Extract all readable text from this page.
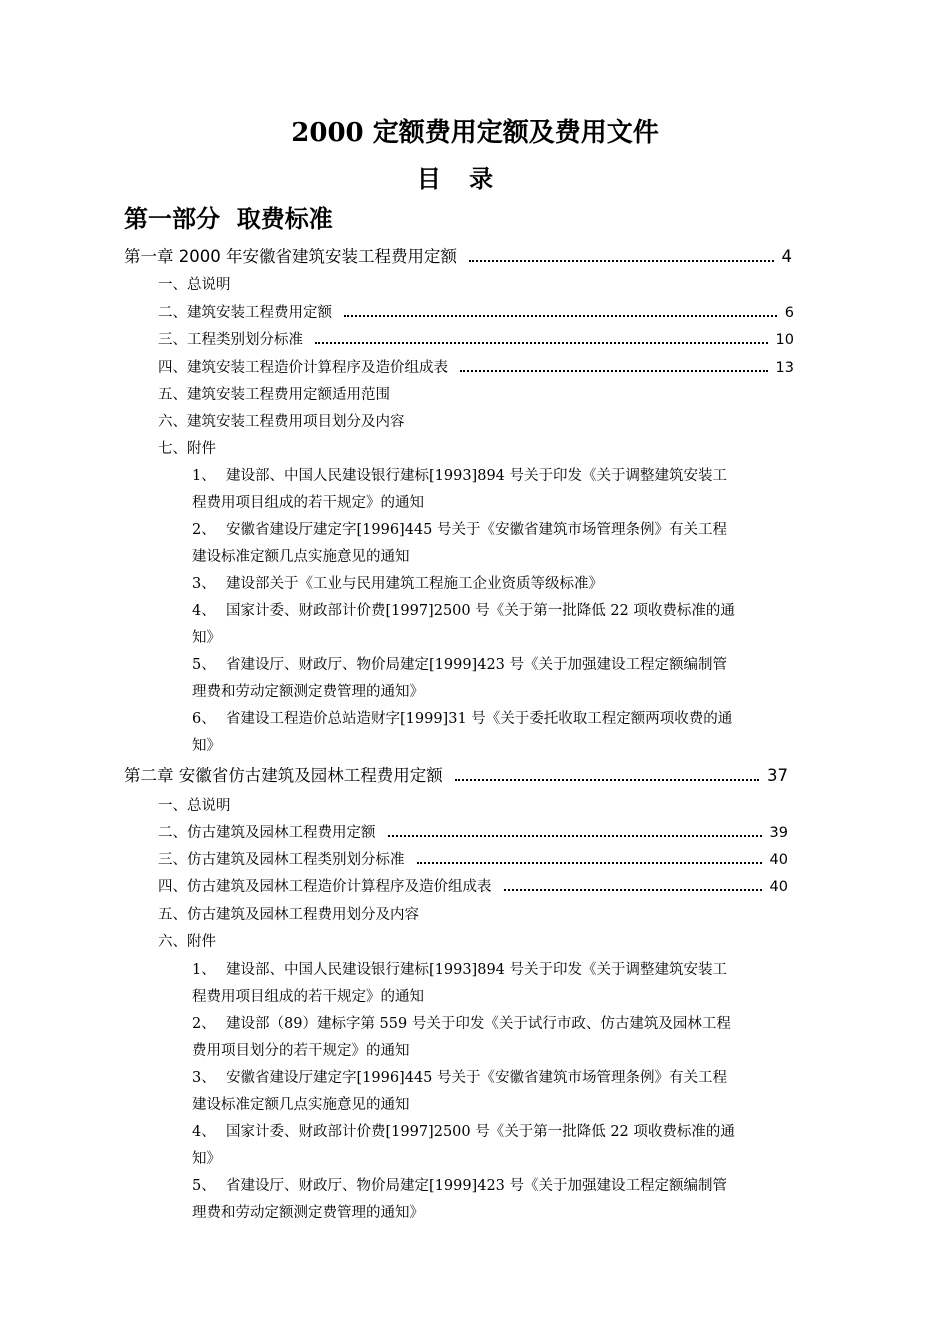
2000 定额费用定额及费用文件
目 录
第一部分  取费标准
第一章 2000 年安徽省建筑安装工程费用定额	4
一、总说明
二、建筑安装工程费用定额	6
三、工程类别划分标准	10
四、建筑安装工程造价计算程序及造价组成表	13
五、建筑安装工程费用定额适用范围
六、建筑安装工程费用项目划分及内容
七、附件
1、 建设部、中国人民建设银行建标[1993]894 号关于印发《关于调整建筑安装工
程费用项目组成的若干规定》的通知
2、 安徽省建设厅建定字[1996]445 号关于《安徽省建筑市场管理条例》有关工程
建设标准定额几点实施意见的通知
3、 建设部关于《工业与民用建筑工程施工企业资质等级标准》
4、 国家计委、财政部计价费[1997]2500 号《关于第一批降低 22 项收费标准的通
知》
5、 省建设厅、财政厅、物价局建定[1999]423 号《关于加强建设工程定额编制管
理费和劳动定额测定费管理的通知》
6、 省建设工程造价总站造财字[1999]31 号《关于委托收取工程定额两项收费的通
知》
第二章 安徽省仿古建筑及园林工程费用定额	37
一、总说明
二、仿古建筑及园林工程费用定额	39
三、仿古建筑及园林工程类别划分标准	40
四、仿古建筑及园林工程造价计算程序及造价组成表	40
五、仿古建筑及园林工程费用划分及内容
六、附件
1、 建设部、中国人民建设银行建标[1993]894 号关于印发《关于调整建筑安装工
程费用项目组成的若干规定》的通知
2、 建设部（89）建标字第 559 号关于印发《关于试行市政、仿古建筑及园林工程
费用项目划分的若干规定》的通知
3、 安徽省建设厅建定字[1996]445 号关于《安徽省建筑市场管理条例》有关工程
建设标准定额几点实施意见的通知
4、 国家计委、财政部计价费[1997]2500 号《关于第一批降低 22 项收费标准的通
知》
5、 省建设厅、财政厅、物价局建定[1999]423 号《关于加强建设工程定额编制管
理费和劳动定额测定费管理的通知》
